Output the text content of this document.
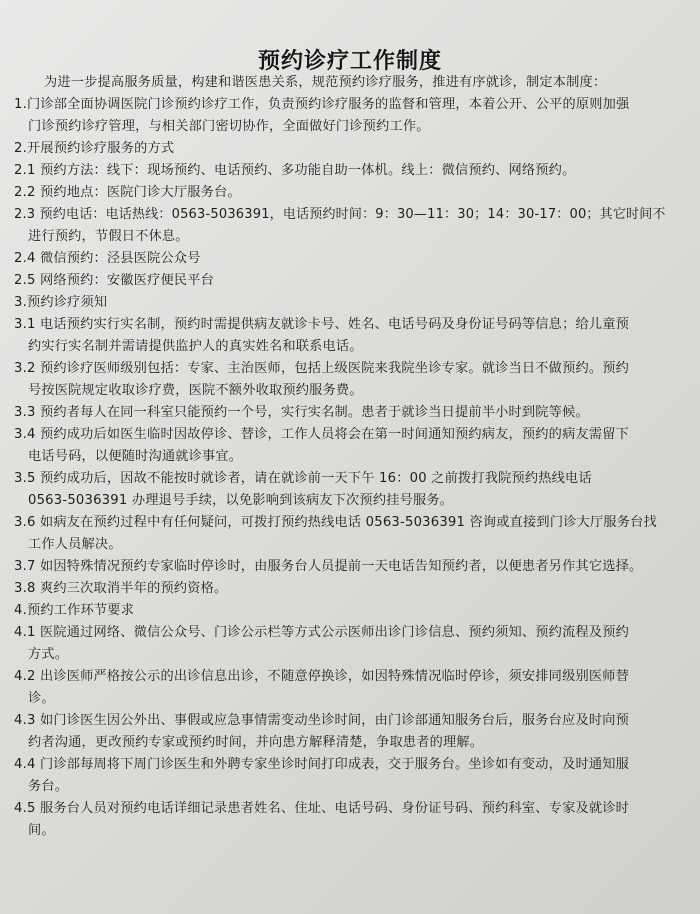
预约诊疗工作制度
为进一步提高服务质量，构建和谐医患关系，规范预约诊疗服务，推进有序就诊，制定本制度：
1.门诊部全面协调医院门诊预约诊疗工作，负责预约诊疗服务的监督和管理，本着公开、公平的原则加强
门诊预约诊疗管理，与相关部门密切协作，全面做好门诊预约工作。
2.开展预约诊疗服务的方式
2.1 预约方法：线下：现场预约、电话预约、多功能自助一体机。线上：微信预约、网络预约。
2.2 预约地点：医院门诊大厅服务台。
2.3 预约电话：电话热线：0563-5036391，电话预约时间：9：30—11：30；14：30-17：00；其它时间不
进行预约，节假日不休息。
2.4 微信预约：泾县医院公众号
2.5 网络预约：安徽医疗便民平台
3.预约诊疗须知
3.1 电话预约实行实名制，预约时需提供病友就诊卡号、姓名、电话号码及身份证号码等信息；给儿童预
约实行实名制并需请提供监护人的真实姓名和联系电话。
3.2 预约诊疗医师级别包括：专家、主治医师，包括上级医院来我院坐诊专家。就诊当日不做预约。预约
号按医院规定收取诊疗费，医院不额外收取预约服务费。
3.3 预约者每人在同一科室只能预约一个号，实行实名制。患者于就诊当日提前半小时到院等候。
3.4 预约成功后如医生临时因故停诊、替诊，工作人员将会在第一时间通知预约病友，预约的病友需留下
电话号码，以便随时沟通就诊事宜。
3.5 预约成功后，因故不能按时就诊者，请在就诊前一天下午 16：00 之前拨打我院预约热线电话
0563-5036391 办理退号手续，以免影响到该病友下次预约挂号服务。
3.6 如病友在预约过程中有任何疑问，可拨打预约热线电话 0563-5036391 咨询或直接到门诊大厅服务台找
工作人员解决。
3.7 如因特殊情况预约专家临时停诊时，由服务台人员提前一天电话告知预约者，以便患者另作其它选择。
3.8 爽约三次取消半年的预约资格。
4.预约工作环节要求
4.1 医院通过网络、微信公众号、门诊公示栏等方式公示医师出诊门诊信息、预约须知、预约流程及预约
方式。
4.2 出诊医师严格按公示的出诊信息出诊，不随意停换诊，如因特殊情况临时停诊，须安排同级别医师替
诊。
4.3 如门诊医生因公外出、事假或应急事情需变动坐诊时间，由门诊部通知服务台后，服务台应及时向预
约者沟通，更改预约专家或预约时间，并向患方解释清楚，争取患者的理解。
4.4 门诊部每周将下周门诊医生和外聘专家坐诊时间打印成表，交于服务台。坐诊如有变动，及时通知服
务台。
4.5 服务台人员对预约电话详细记录患者姓名、住址、电话号码、身份证号码、预约科室、专家及就诊时
间。
